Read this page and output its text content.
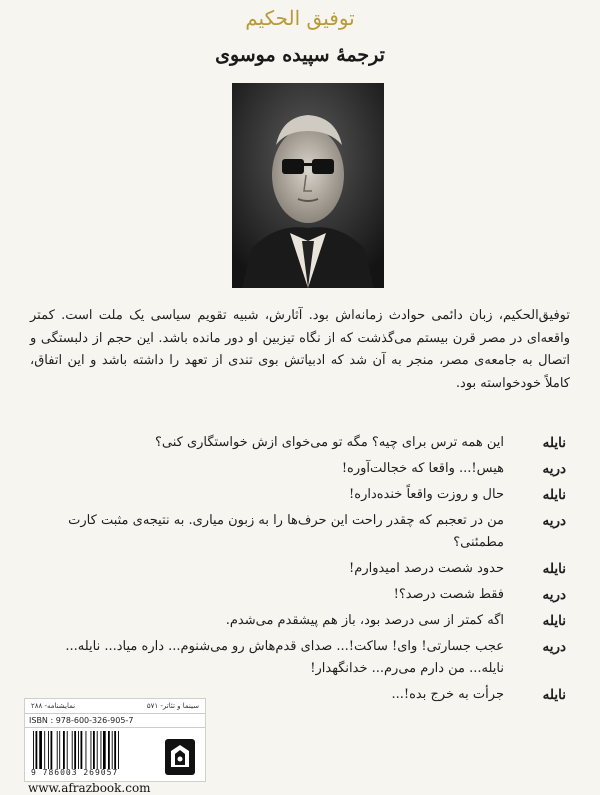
توفیق الحکیم
ترجمهٔ سپیده موسوی
توفیق‌الحکیم، زبان دائمی حوادث زمانه‌اش بود. آثارش، شبیه تقویم سیاسی یک ملت است. کمتر واقعه‌ای در مصر قرن بیستم می‌گذشت که از نگاه تیزبین او دور مانده باشد. این حجم از دلبستگی و اتصال به جامعه‌ی مصر، منجر به آن شد که ادبیاتش بوی تندی از تعهد را داشته باشد و این اتفاق، کاملاً خودخواسته بود.
نایله
این همه ترس برای چیه؟ مگه تو می‌خوای ازش خواستگاری کنی؟
دریه
هیس!... واقعا که خجالت‌آوره!
نایله
حال و روزت واقعاً خنده‌داره!
دریه
من در تعجبم که چقدر راحت این حرف‌ها را به زبون میاری. به نتیجه‌ی مثبت کارت مطمئنی؟
نایله
حدود شصت درصد امیدوارم!
دریه
فقط شصت درصد؟!
نایله
اگه کمتر از سی درصد بود، باز هم پیشقدم می‌شدم.
دریه
عجب جسارتی! وای! ساکت!... صدای قدم‌هاش رو می‌شنوم... داره میاد... نایله... نایله... من دارم می‌رم... خدانگهدار!
نایله
جرأت به خرج بده!...
سینما و تئاتر- ۵۷۱
نمایشنامه- ۲۸۸
ISBN : 978-600-326-905-7
9 786003 269057
www.afrazbook.com
